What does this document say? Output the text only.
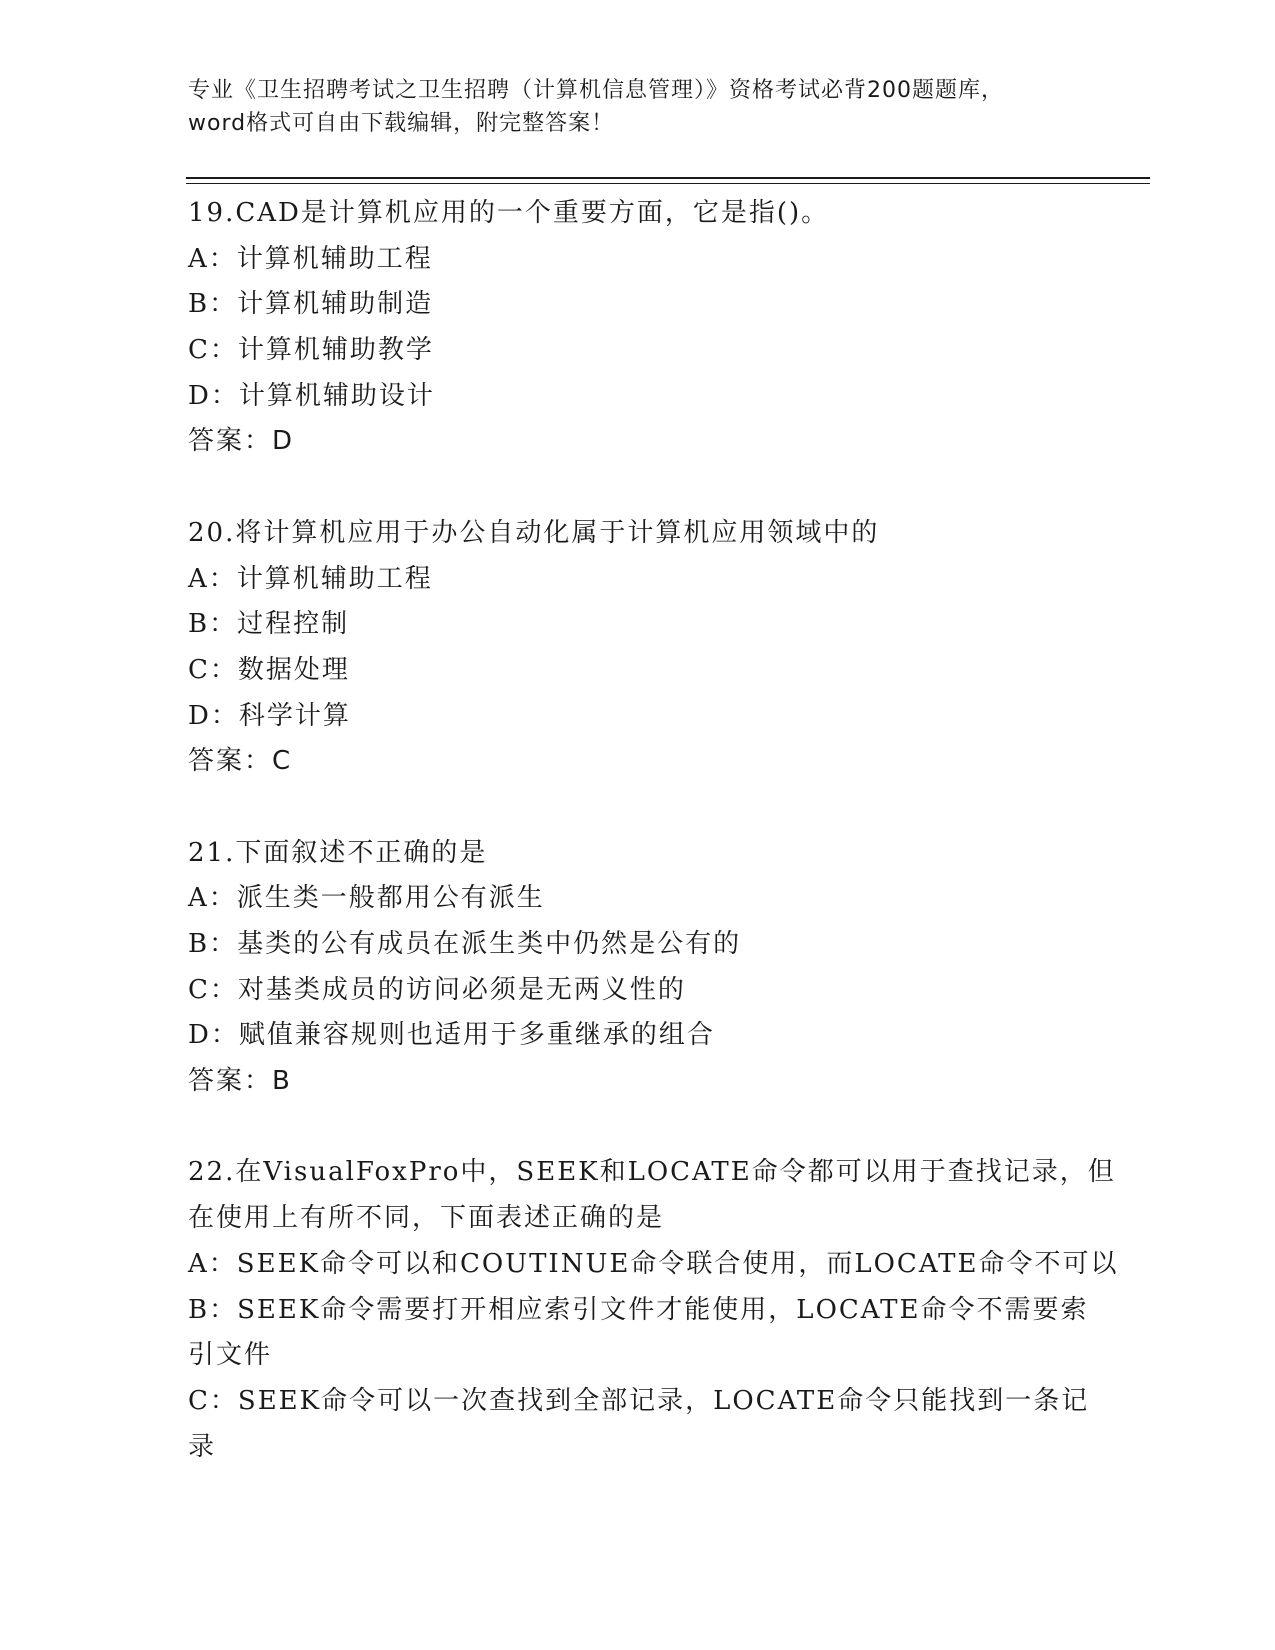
专业《卫生招聘考试之卫生招聘（计算机信息管理）》资格考试必背200题题库，
word格式可自由下载编辑，附完整答案！
19.CAD是计算机应用的一个重要方面，它是指()。
A：计算机辅助工程
B：计算机辅助制造
C：计算机辅助教学
D：计算机辅助设计
答案：D
20.将计算机应用于办公自动化属于计算机应用领域中的
A：计算机辅助工程
B：过程控制
C：数据处理
D：科学计算
答案：C
21.下面叙述不正确的是
A：派生类一般都用公有派生
B：基类的公有成员在派生类中仍然是公有的
C：对基类成员的访问必须是无两义性的
D：赋值兼容规则也适用于多重继承的组合
答案：B
22.在VisualFoxPro中，SEEK和LOCATE命令都可以用于查找记录，但
在使用上有所不同，下面表述正确的是
A：SEEK命令可以和COUTINUE命令联合使用，而LOCATE命令不可以
B：SEEK命令需要打开相应索引文件才能使用，LOCATE命令不需要索
引文件
C：SEEK命令可以一次查找到全部记录，LOCATE命令只能找到一条记
录
